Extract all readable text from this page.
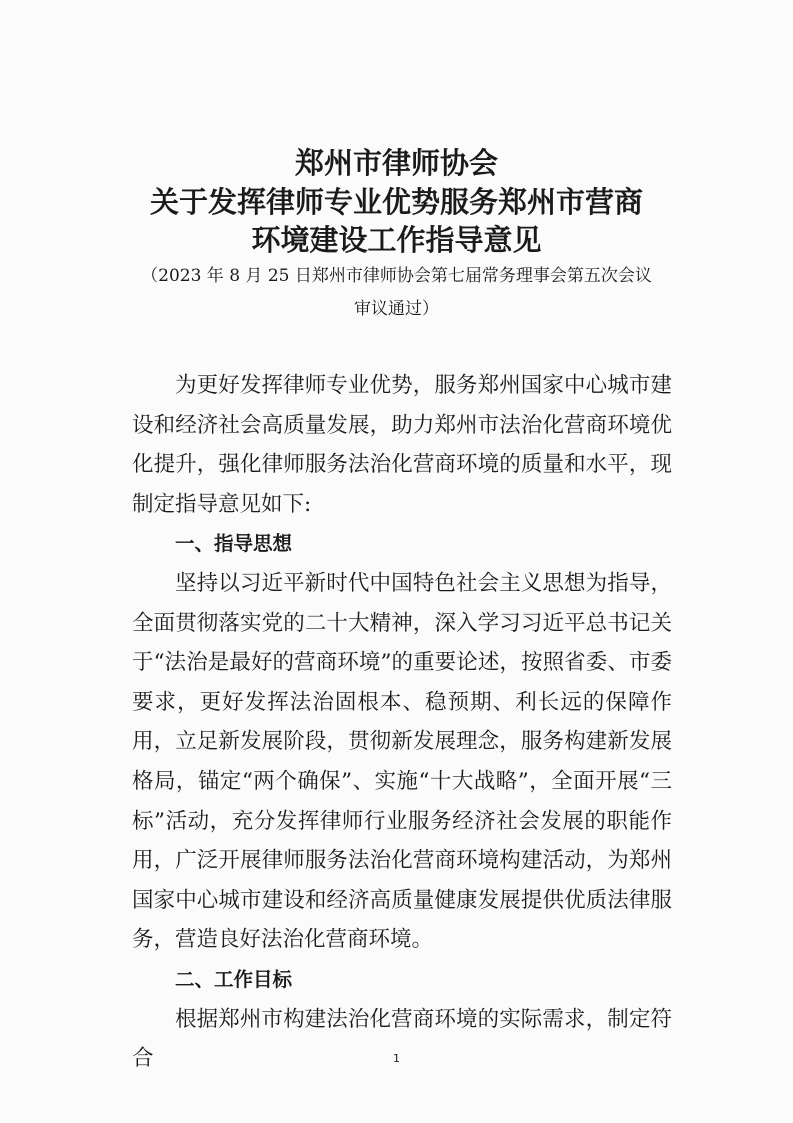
郑州市律师协会
关于发挥律师专业优势服务郑州市营商
环境建设工作指导意见
（2023 年 8 月 25 日郑州市律师协会第七届常务理事会第五次会议
审议通过）

为更好发挥律师专业优势，服务郑州国家中心城市建设和经济社会高质量发展，助力郑州市法治化营商环境优化提升，强化律师服务法治化营商环境的质量和水平，现制定指导意见如下:

一、指导思想

坚持以习近平新时代中国特色社会主义思想为指导，全面贯彻落实党的二十大精神，深入学习习近平总书记关于“法治是最好的营商环境”的重要论述，按照省委、市委要求，更好发挥法治固根本、稳预期、利长远的保障作用，立足新发展阶段，贯彻新发展理念，服务构建新发展格局，锚定“两个确保”、实施“十大战略”，全面开展“三标”活动，充分发挥律师行业服务经济社会发展的职能作用，广泛开展律师服务法治化营商环境构建活动，为郑州国家中心城市建设和经济高质量健康发展提供优质法律服务，营造良好法治化营商环境。

二、工作目标

根据郑州市构建法治化营商环境的实际需求，制定符合	1
